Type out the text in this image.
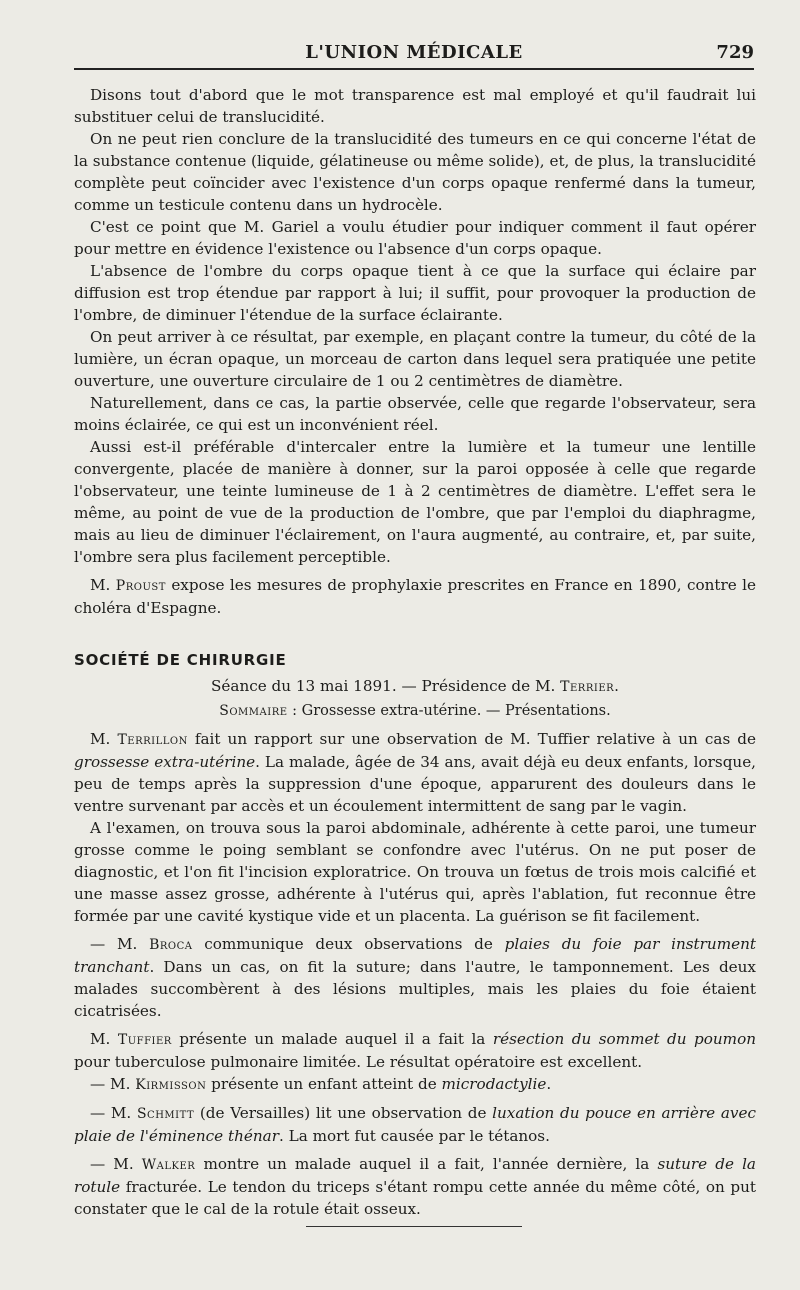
L'UNION MÉDICALE	729

Disons tout d'abord que le mot transparence est mal employé et qu'il faudrait lui substituer celui de translucidité.

On ne peut rien conclure de la translucidité des tumeurs en ce qui concerne l'état de la substance contenue (liquide, gélatineuse ou même solide), et, de plus, la translucidité complète peut coïncider avec l'existence d'un corps opaque renfermé dans la tumeur, comme un testicule contenu dans un hydrocèle.

C'est ce point que M. Gariel a voulu étudier pour indiquer comment il faut opérer pour mettre en évidence l'existence ou l'absence d'un corps opaque.

L'absence de l'ombre du corps opaque tient à ce que la surface qui éclaire par diffusion est trop étendue par rapport à lui; il suffit, pour provoquer la production de l'ombre, de diminuer l'étendue de la surface éclairante.

On peut arriver à ce résultat, par exemple, en plaçant contre la tumeur, du côté de la lumière, un écran opaque, un morceau de carton dans lequel sera pratiquée une petite ouverture, une ouverture circulaire de 1 ou 2 centimètres de diamètre.

Naturellement, dans ce cas, la partie observée, celle que regarde l'observateur, sera moins éclairée, ce qui est un inconvénient réel.

Aussi est-il préférable d'intercaler entre la lumière et la tumeur une lentille convergente, placée de manière à donner, sur la paroi opposée à celle que regarde l'observateur, une teinte lumineuse de 1 à 2 centimètres de diamètre. L'effet sera le même, au point de vue de la production de l'ombre, que par l'emploi du diaphragme, mais au lieu de diminuer l'éclairement, on l'aura augmenté, au contraire, et, par suite, l'ombre sera plus facilement perceptible.

M. Proust expose les mesures de prophylaxie prescrites en France en 1890, contre le choléra d'Espagne.

SOCIÉTÉ DE CHIRURGIE

Séance du 13 mai 1891. — Présidence de M. Terrier.

Sommaire : Grossesse extra-utérine. — Présentations.

M. Terrillon fait un rapport sur une observation de M. Tuffier relative à un cas de grossesse extra-utérine. La malade, âgée de 34 ans, avait déjà eu deux enfants, lorsque, peu de temps après la suppression d'une époque, apparurent des douleurs dans le ventre survenant par accès et un écoulement intermittent de sang par le vagin.

A l'examen, on trouva sous la paroi abdominale, adhérente à cette paroi, une tumeur grosse comme le poing semblant se confondre avec l'utérus. On ne put poser de diagnostic, et l'on fit l'incision exploratrice. On trouva un fœtus de trois mois calcifié et une masse assez grosse, adhérente à l'utérus qui, après l'ablation, fut reconnue être formée par une cavité kystique vide et un placenta. La guérison se fit facilement.

— M. Broca communique deux observations de plaies du foie par instrument tranchant. Dans un cas, on fit la suture; dans l'autre, le tamponnement. Les deux malades succombèrent à des lésions multiples, mais les plaies du foie étaient cicatrisées.

M. Tuffier présente un malade auquel il a fait la résection du sommet du poumon pour tuberculose pulmonaire limitée. Le résultat opératoire est excellent.

— M. Kirmisson présente un enfant atteint de microdactylie.

— M. Schmitt (de Versailles) lit une observation de luxation du pouce en arrière avec plaie de l'éminence thénar. La mort fut causée par le tétanos.

— M. Walker montre un malade auquel il a fait, l'année dernière, la suture de la rotule fracturée. Le tendon du triceps s'étant rompu cette année du même côté, on put constater que le cal de la rotule était osseux.
